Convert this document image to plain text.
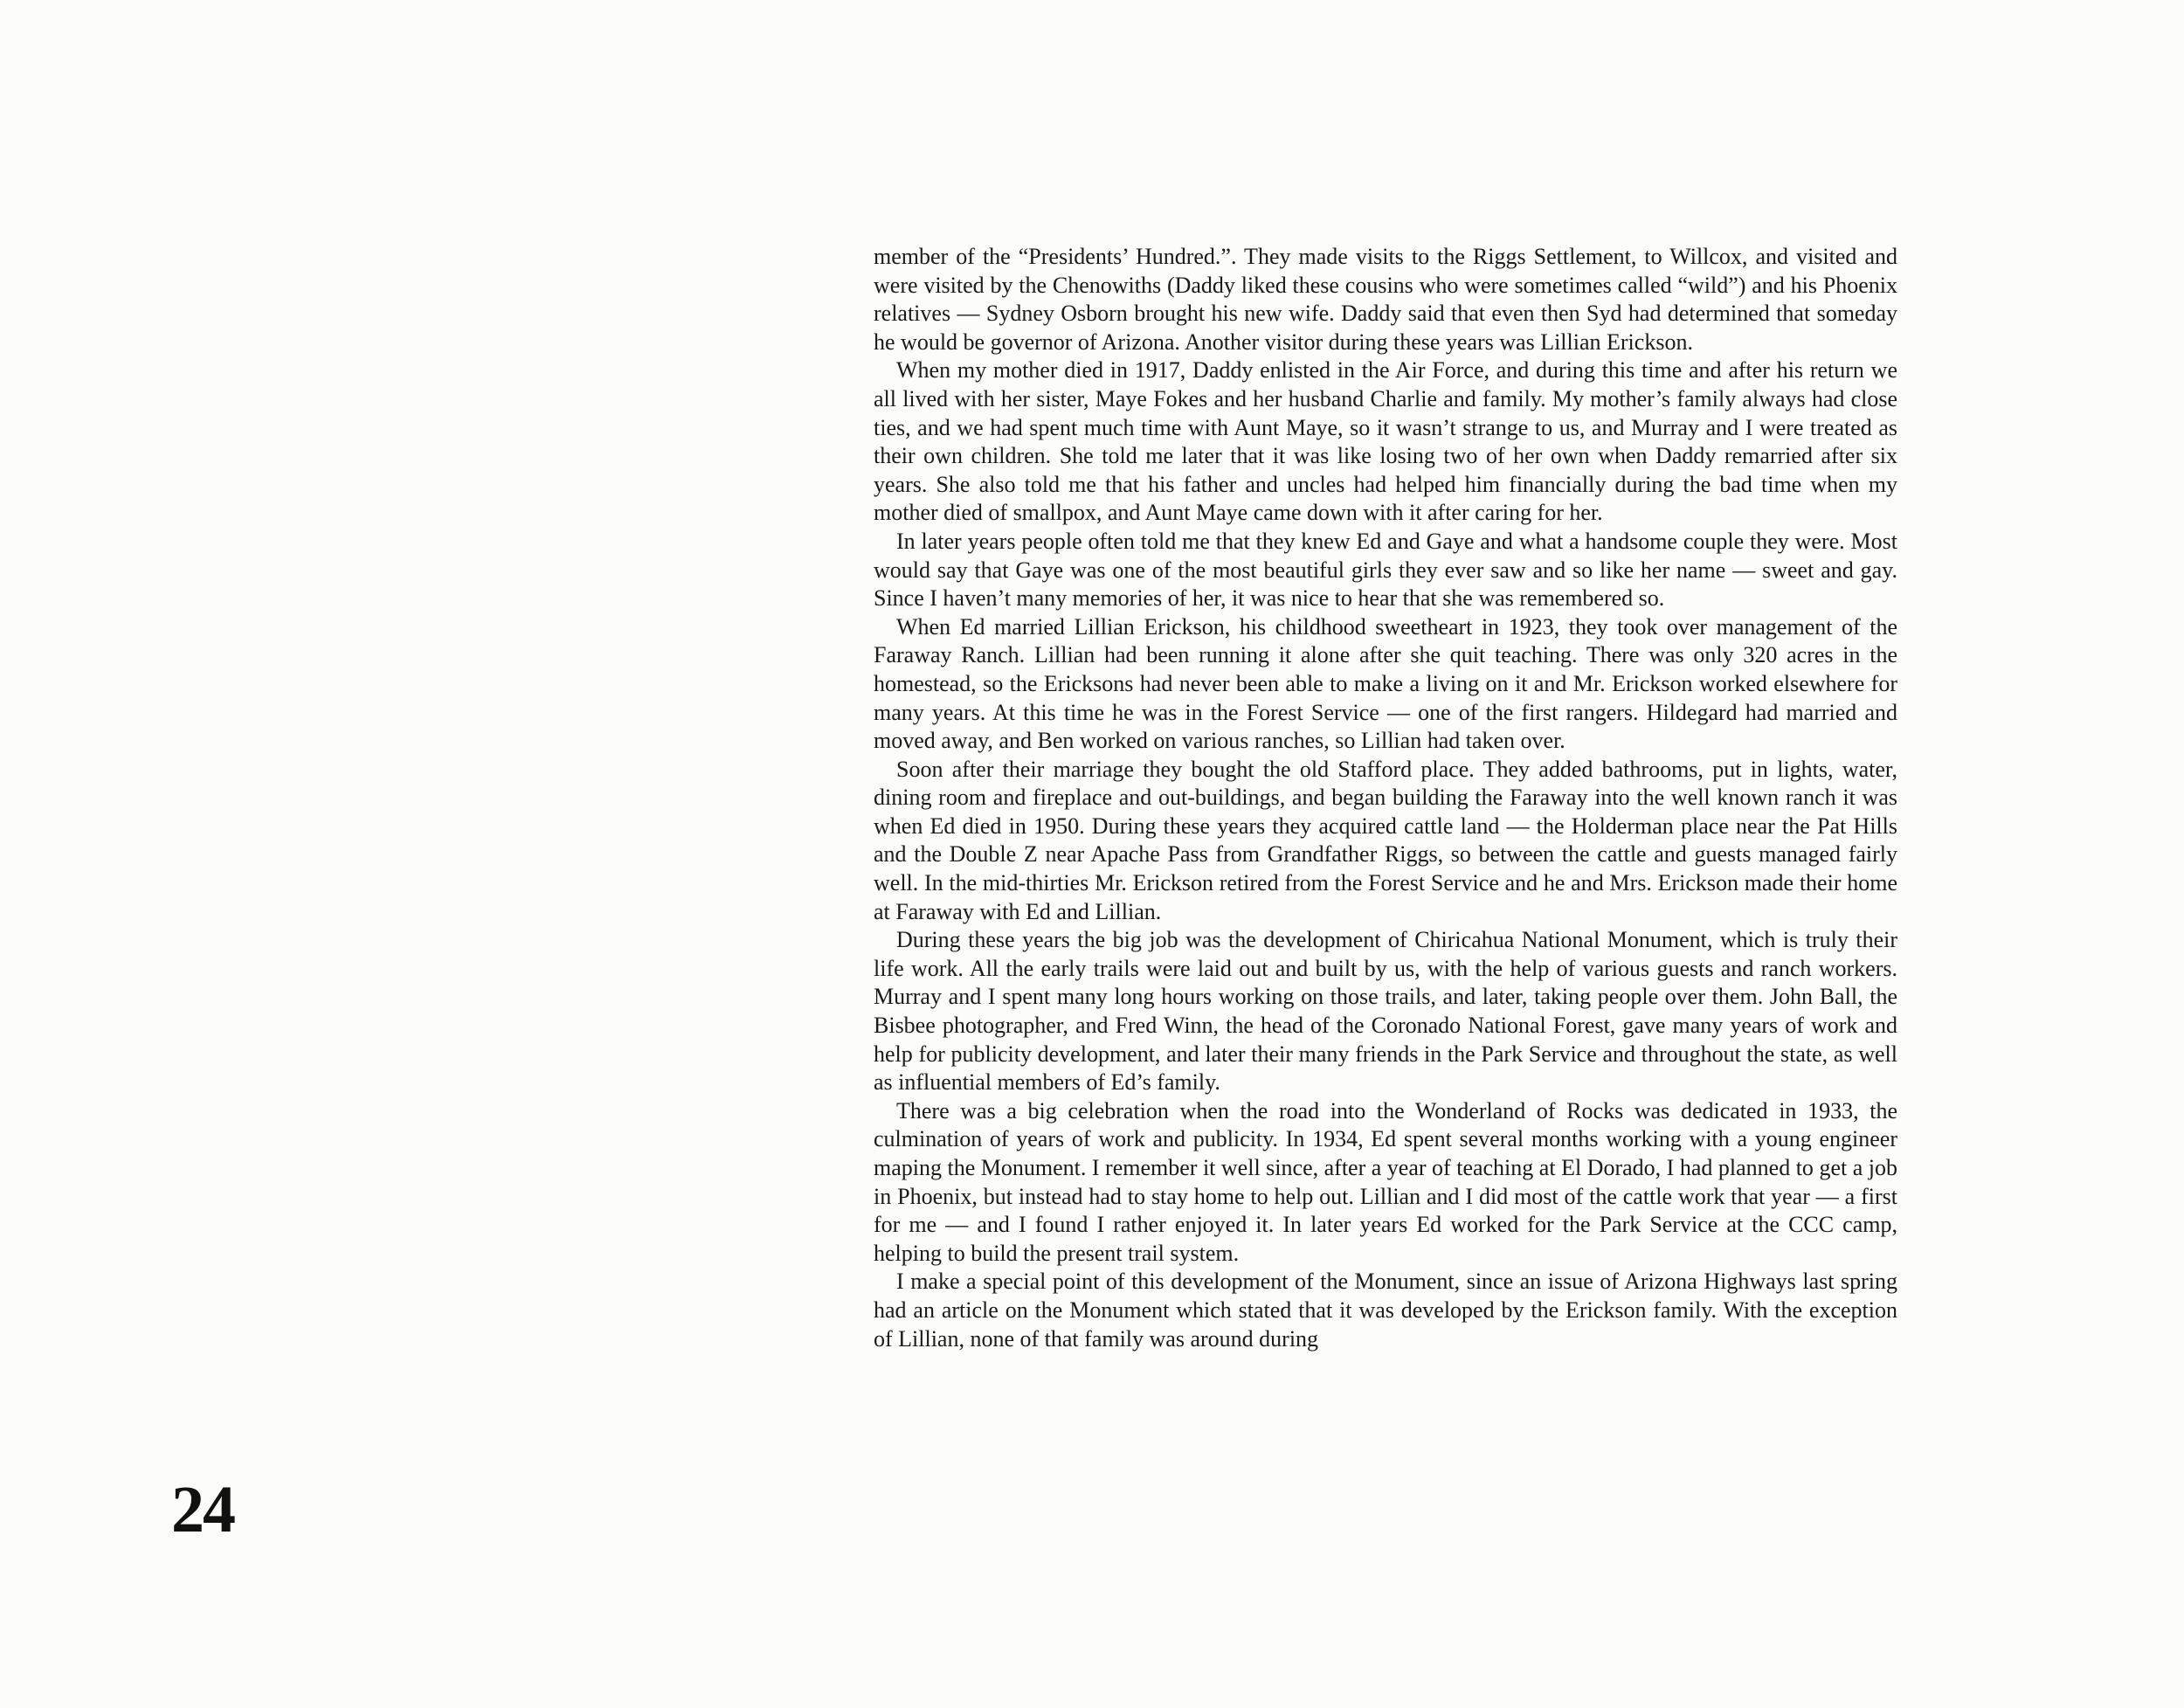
member of the “Presidents’ Hundred.”. They made visits to the Riggs Settlement, to Willcox, and visited and were visited by the Chenowiths (Daddy liked these cousins who were sometimes called “wild”) and his Phoenix relatives — Sydney Osborn brought his new wife. Daddy said that even then Syd had determined that someday he would be governor of Arizona. Another visitor during these years was Lillian Erickson.

When my mother died in 1917, Daddy enlisted in the Air Force, and during this time and after his return we all lived with her sister, Maye Fokes and her husband Charlie and family. My mother’s family always had close ties, and we had spent much time with Aunt Maye, so it wasn’t strange to us, and Murray and I were treated as their own children. She told me later that it was like losing two of her own when Daddy remarried after six years. She also told me that his father and uncles had helped him financially during the bad time when my mother died of smallpox, and Aunt Maye came down with it after caring for her.

In later years people often told me that they knew Ed and Gaye and what a handsome couple they were. Most would say that Gaye was one of the most beautiful girls they ever saw and so like her name — sweet and gay. Since I haven’t many memories of her, it was nice to hear that she was remembered so.

When Ed married Lillian Erickson, his childhood sweetheart in 1923, they took over management of the Faraway Ranch. Lillian had been running it alone after she quit teaching. There was only 320 acres in the homestead, so the Ericksons had never been able to make a living on it and Mr. Erickson worked elsewhere for many years. At this time he was in the Forest Service — one of the first rangers. Hildegard had married and moved away, and Ben worked on various ranches, so Lillian had taken over.

Soon after their marriage they bought the old Stafford place. They added bathrooms, put in lights, water, dining room and fireplace and out-buildings, and began building the Faraway into the well known ranch it was when Ed died in 1950. During these years they acquired cattle land — the Holderman place near the Pat Hills and the Double Z near Apache Pass from Grandfather Riggs, so between the cattle and guests managed fairly well. In the mid-thirties Mr. Erickson retired from the Forest Service and he and Mrs. Erickson made their home at Faraway with Ed and Lillian.

During these years the big job was the development of Chiricahua National Monument, which is truly their life work. All the early trails were laid out and built by us, with the help of various guests and ranch workers. Murray and I spent many long hours working on those trails, and later, taking people over them. John Ball, the Bisbee photographer, and Fred Winn, the head of the Coronado National Forest, gave many years of work and help for publicity development, and later their many friends in the Park Service and throughout the state, as well as influential members of Ed’s family.

There was a big celebration when the road into the Wonderland of Rocks was dedicated in 1933, the culmination of years of work and publicity. In 1934, Ed spent several months working with a young engineer maping the Monument. I remember it well since, after a year of teaching at El Dorado, I had planned to get a job in Phoenix, but instead had to stay home to help out. Lillian and I did most of the cattle work that year — a first for me — and I found I rather enjoyed it. In later years Ed worked for the Park Service at the CCC camp, helping to build the present trail system.

I make a special point of this development of the Monument, since an issue of Arizona Highways last spring had an article on the Monument which stated that it was developed by the Erickson family. With the exception of Lillian, none of that family was around during

24
